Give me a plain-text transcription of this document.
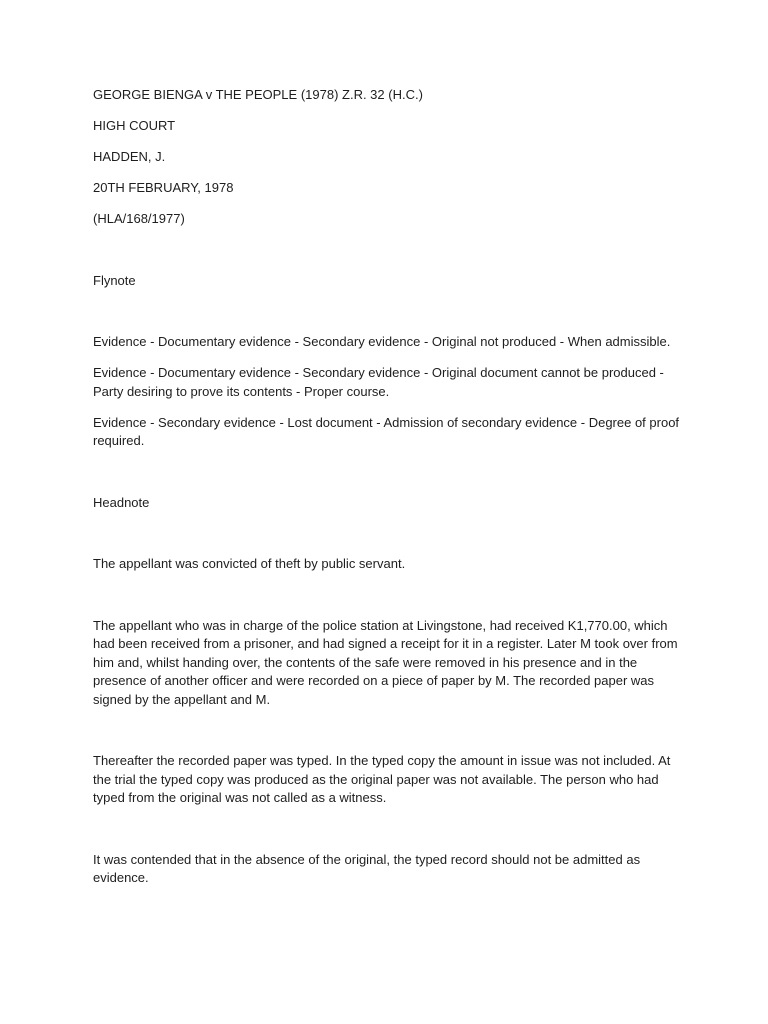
GEORGE BIENGA v THE PEOPLE (1978) Z.R. 32 (H.C.)

HIGH COURT

HADDEN, J.

20TH FEBRUARY, 1978

(HLA/168/1977)

Flynote

Evidence - Documentary evidence - Secondary evidence - Original not produced - When admissible.

Evidence - Documentary evidence - Secondary evidence - Original document cannot be produced - Party desiring to prove its contents - Proper course.

Evidence - Secondary evidence - Lost document - Admission of secondary evidence - Degree of proof required.

Headnote

The appellant was convicted of theft by public servant.

The appellant who was in charge of the police station at Livingstone, had received K1,770.00, which had been received from a prisoner, and had signed a receipt for it in a register. Later M took over from him and, whilst handing over, the contents of the safe were removed in his presence and in the presence of another officer and were recorded on a piece of paper by M. The recorded paper was signed by the appellant and M.

Thereafter the recorded paper was typed. In the typed copy the amount in issue was not included. At the trial the typed copy was produced as the original paper was not available. The person who had typed from the original was not called as a witness.

It was contended that in the absence of the original, the typed record should not be admitted as evidence.
